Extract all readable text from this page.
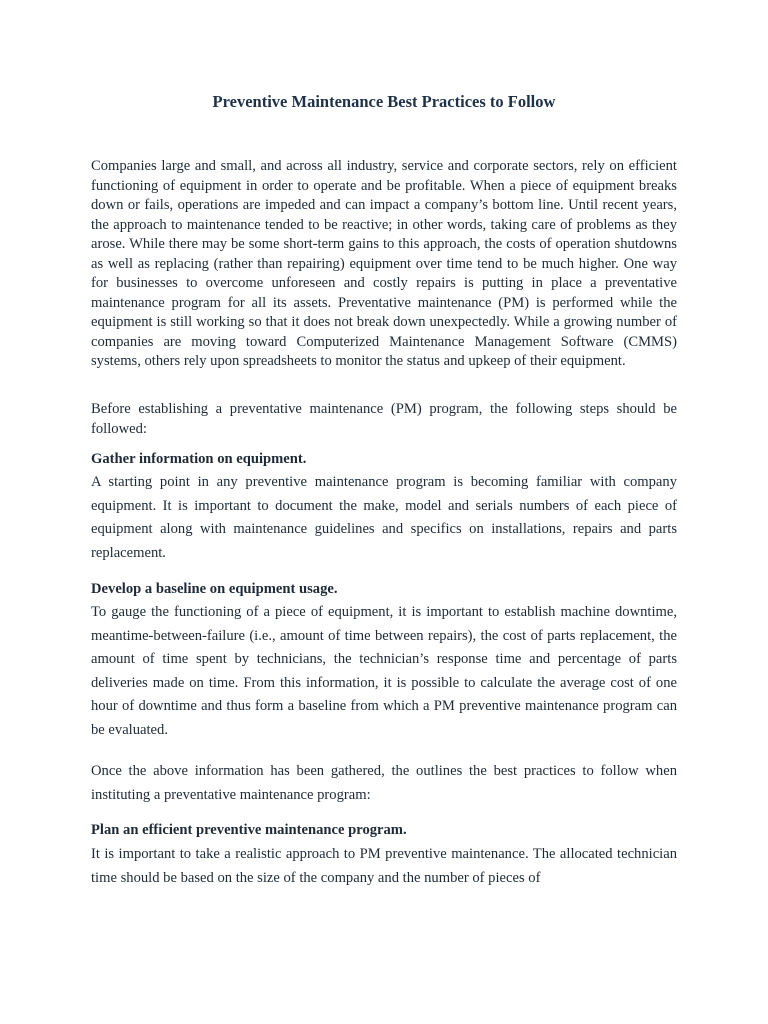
Preventive Maintenance Best Practices to Follow

Companies large and small, and across all industry, service and corporate sectors, rely on efficient functioning of equipment in order to operate and be profitable. When a piece of equipment breaks down or fails, operations are impeded and can impact a company’s bottom line. Until recent years, the approach to maintenance tended to be reactive; in other words, taking care of problems as they arose. While there may be some short-term gains to this approach, the costs of operation shutdowns as well as replacing (rather than repairing) equipment over time tend to be much higher. One way for businesses to overcome unforeseen and costly repairs is putting in place a preventative maintenance program for all its assets. Preventative maintenance (PM) is performed while the equipment is still working so that it does not break down unexpectedly. While a growing number of companies are moving toward Computerized Maintenance Management Software (CMMS) systems, others rely upon spreadsheets to monitor the status and upkeep of their equipment.

Before establishing a preventative maintenance (PM) program, the following steps should be followed:

Gather information on equipment.

A starting point in any preventive maintenance program is becoming familiar with company equipment. It is important to document the make, model and serials numbers of each piece of equipment along with maintenance guidelines and specifics on installations, repairs and parts replacement.

Develop a baseline on equipment usage.

To gauge the functioning of a piece of equipment, it is important to establish machine downtime, meantime-between-failure (i.e., amount of time between repairs), the cost of parts replacement, the amount of time spent by technicians, the technician’s response time and percentage of parts deliveries made on time. From this information, it is possible to calculate the average cost of one hour of downtime and thus form a baseline from which a PM preventive maintenance program can be evaluated.

Once the above information has been gathered, the outlines the best practices to follow when instituting a preventative maintenance program:

Plan an efficient preventive maintenance program.

It is important to take a realistic approach to PM preventive maintenance. The allocated technician time should be based on the size of the company and the number of pieces of
